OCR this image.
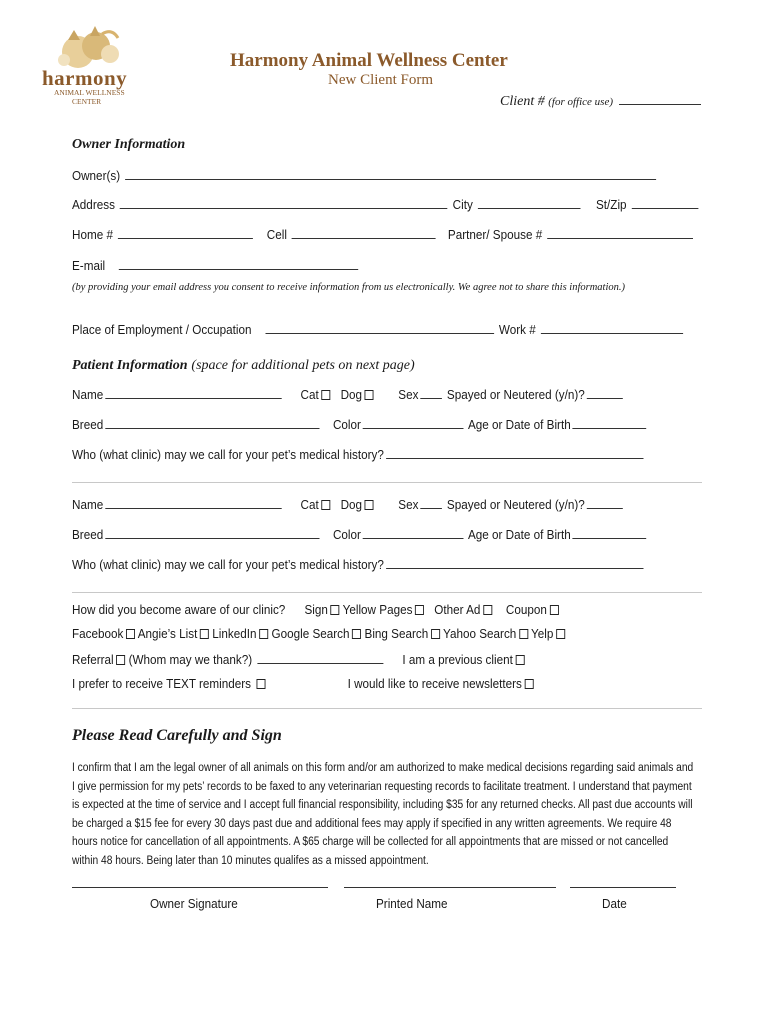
harmony
ANIMAL WELLNESS
CENTER
Harmony Animal Wellness Center
New Client Form
Client # (for office use)
Owner Information
Owner(s)
Address	City	St/Zip
Home #	Cell	Partner/ Spouse #
E-mail
(by providing your email address you consent to receive information from us electronically. We agree not to share this information.)
Place of Employment / Occupation	Work #
Patient Information (space for additional pets on next page)
Name	Cat Dog	Sex Spayed or Neutered (y/n)?
Breed	Color	Age or Date of Birth
Who (what clinic) may we call for your pet’s medical history?
Name	Cat Dog	Sex Spayed or Neutered (y/n)?
Breed	Color	Age or Date of Birth
Who (what clinic) may we call for your pet’s medical history?
How did you become aware of our clinic? Sign Yellow Pages Other Ad Coupon
Facebook Angie’s List LinkedIn Google Search Bing Search Yahoo Search Yelp
Referral (Whom may we thank?)	I am a previous client
I prefer to receive TEXT reminders	I would like to receive newsletters
Please Read Carefully and Sign

I confirm that I am the legal owner of all animals on this form and/or am authorized to make medical decisions regarding said animals and

I give permission for my pets’ records to be faxed to any veterinarian requesting records to facilitate treatment. I understand that payment

is expected at the time of service and I accept full financial responsibility, including $35 for any returned checks. All past due accounts will

be charged a $15 fee for every 30 days past due and additional fees may apply if specified in any written agreements. We require 48

hours notice for cancellation of all appointments. A $65 charge will be collected for all appointments that are missed or not cancelled

within 48 hours. Being later than 10 minutes qualifes as a missed appointment.

Owner Signature	Printed Name	Date
